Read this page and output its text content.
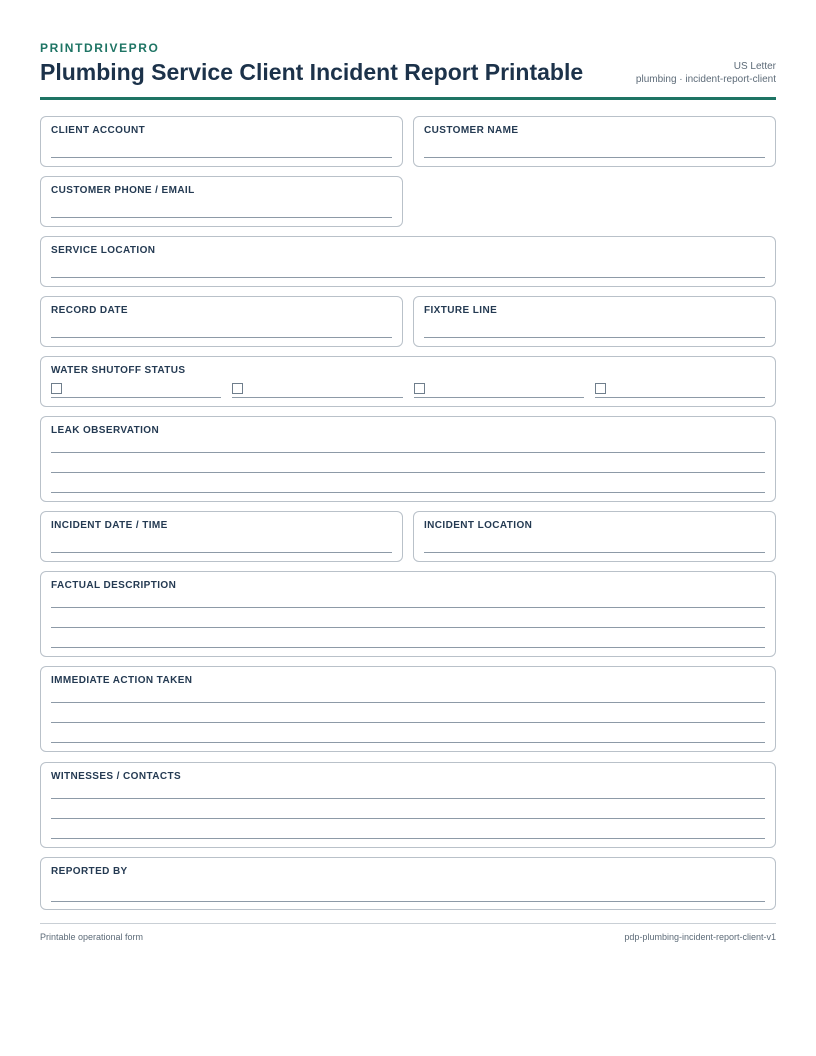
PRINTDRIVEPRO
Plumbing Service Client Incident Report Printable	US Letter
plumbing · incident-report-client
CLIENT ACCOUNT	CUSTOMER NAME
CUSTOMER PHONE / EMAIL
SERVICE LOCATION
RECORD DATE	FIXTURE LINE
WATER SHUTOFF STATUS
LEAK OBSERVATION
INCIDENT DATE / TIME	INCIDENT LOCATION
FACTUAL DESCRIPTION
IMMEDIATE ACTION TAKEN
WITNESSES / CONTACTS
REPORTED BY
Printable operational form	pdp-plumbing-incident-report-client-v1
